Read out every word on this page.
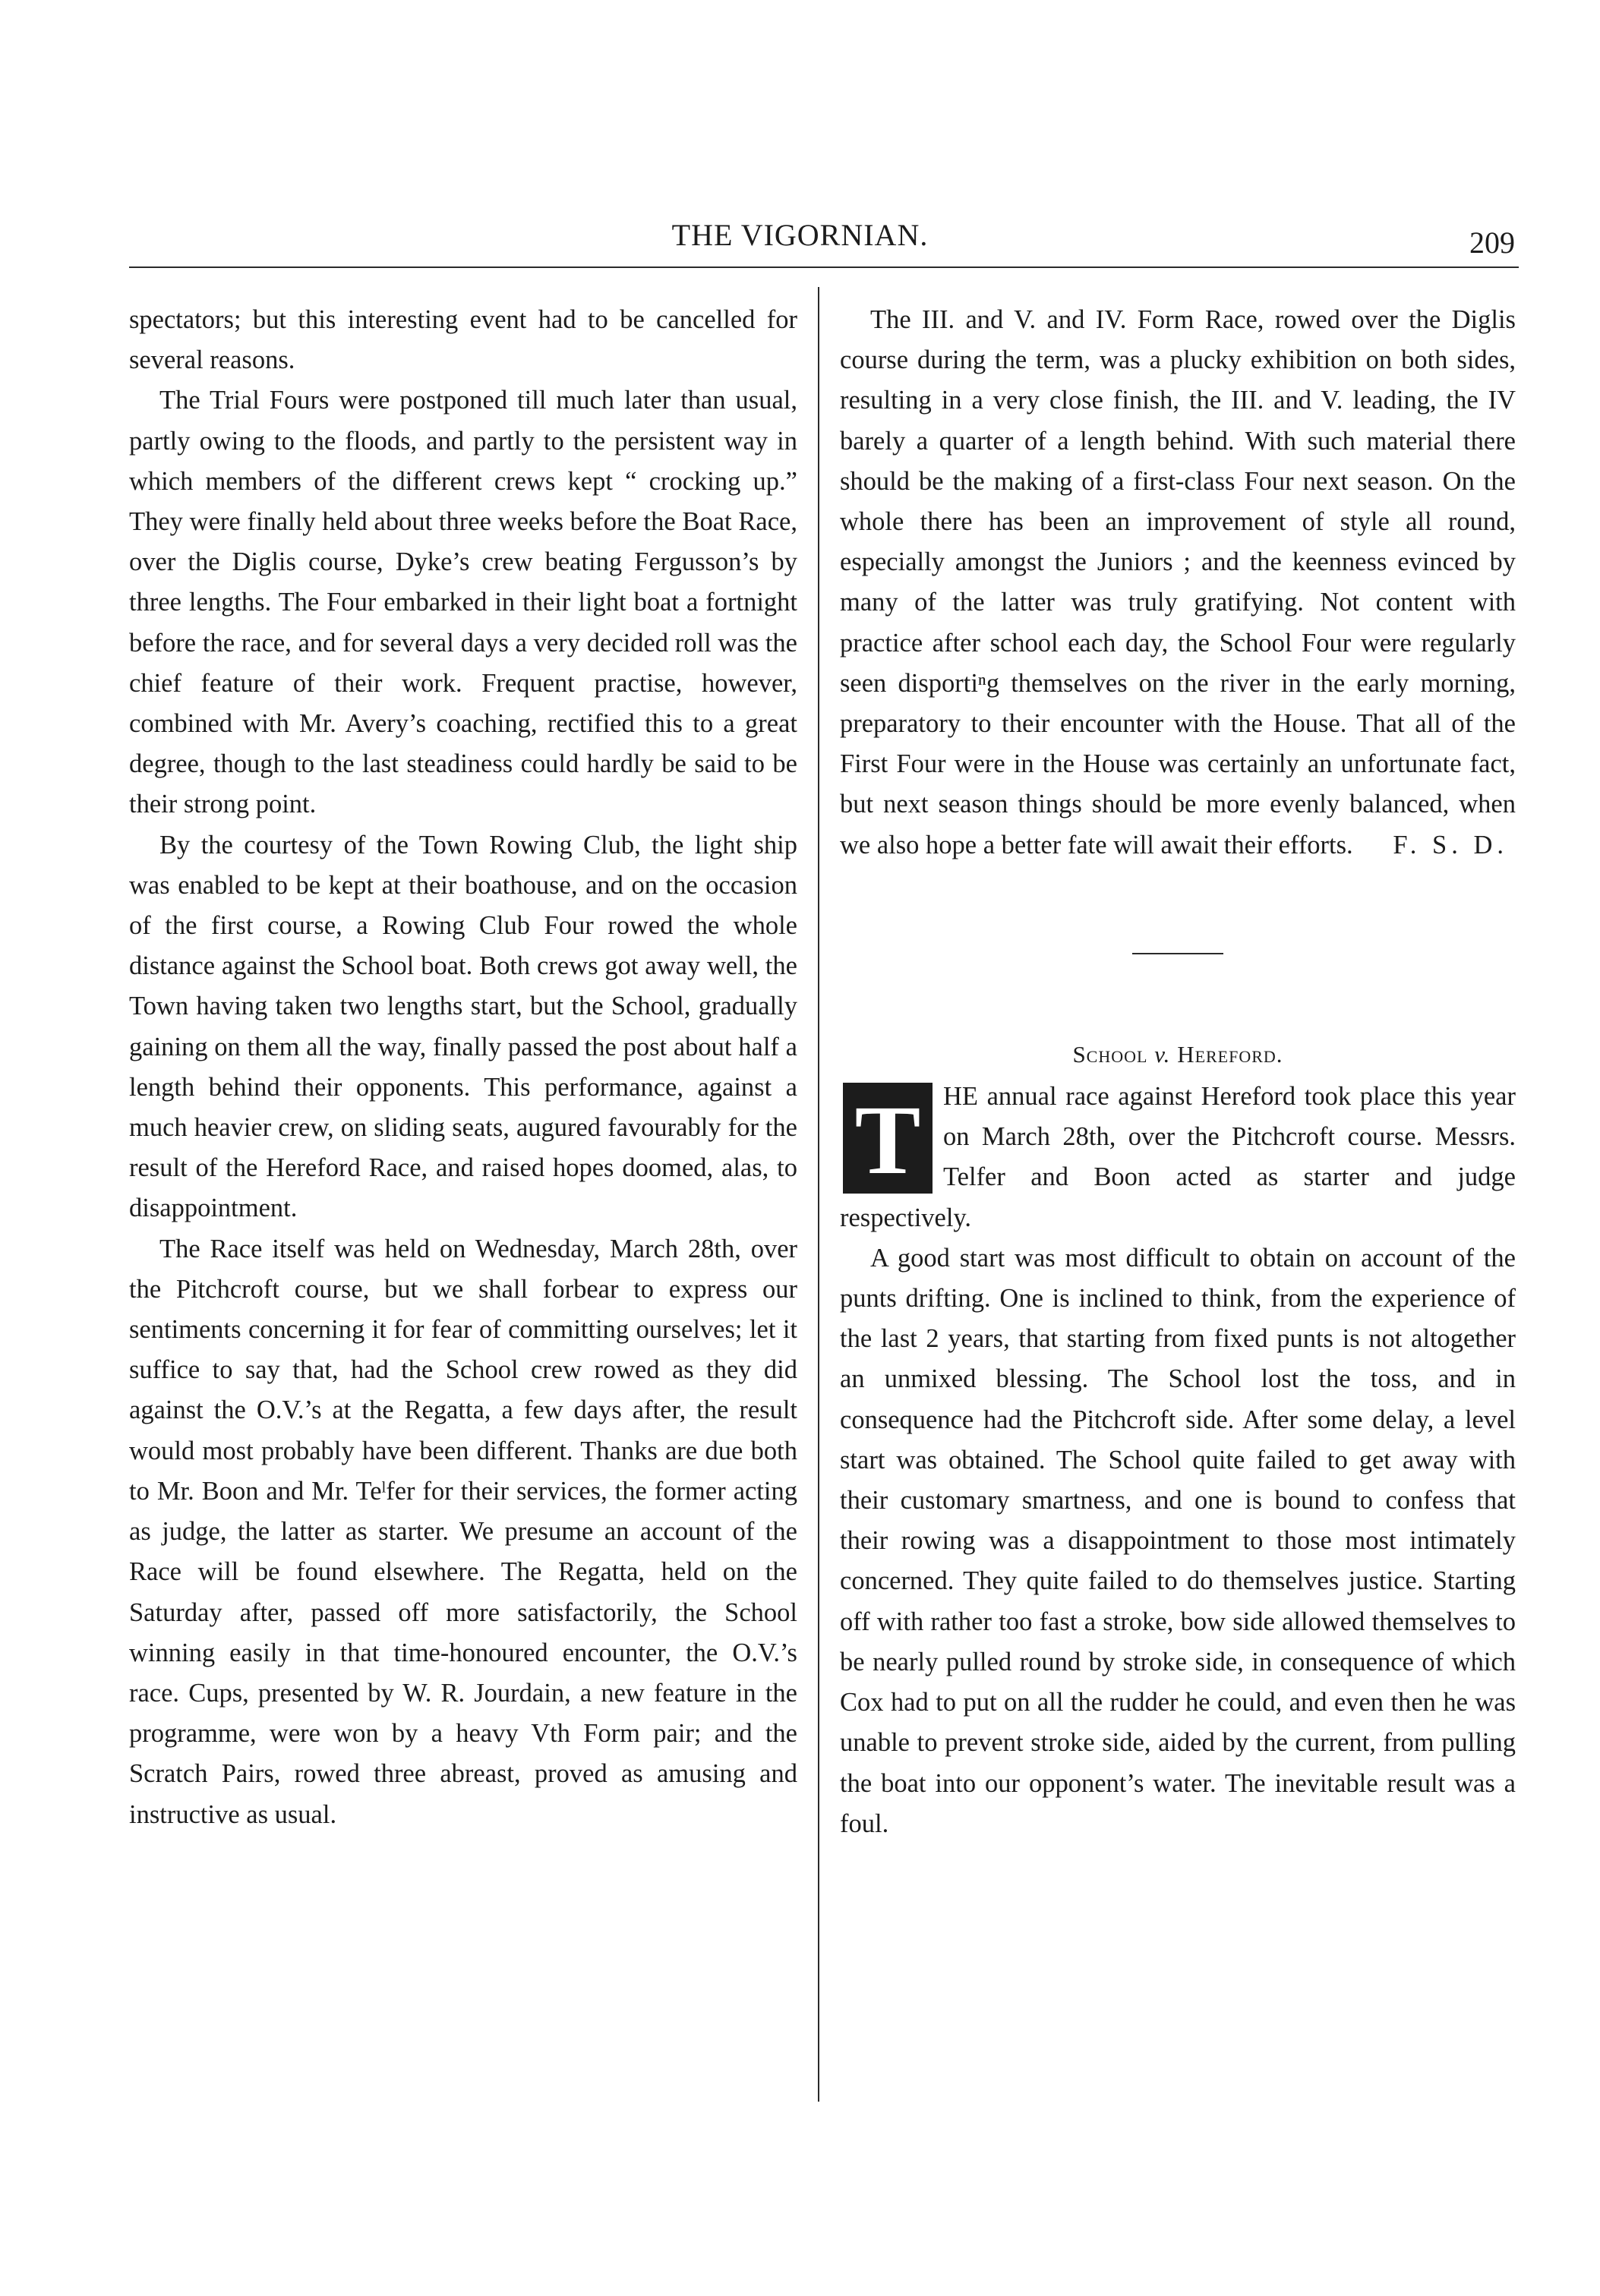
THE VIGORNIAN.	209

spectators; but this interesting event had to be cancelled for several reasons.

The Trial Fours were postponed till much later than usual, partly owing to the floods, and partly to the persistent way in which members of the different crews kept “ crocking up.” They were finally held about three weeks before the Boat Race, over the Diglis course, Dyke’s crew beating Fergusson’s by three lengths. The Four embarked in their light boat a fortnight before the race, and for several days a very decided roll was the chief feature of their work. Frequent practise, however, combined with Mr. Avery’s coaching, rectified this to a great degree, though to the last steadiness could hardly be said to be their strong point.

By the courtesy of the Town Rowing Club, the light ship was enabled to be kept at their boathouse, and on the occasion of the first course, a Rowing Club Four rowed the whole distance against the School boat. Both crews got away well, the Town having taken two lengths start, but the School, gradually gaining on them all the way, finally passed the post about half a length behind their opponents. This performance, against a much heavier crew, on sliding seats, augured favourably for the result of the Hereford Race, and raised hopes doomed, alas, to disappointment.

The Race itself was held on Wednesday, March 28th, over the Pitchcroft course, but we shall forbear to express our sentiments concerning it for fear of committing ourselves; let it suffice to say that, had the School crew rowed as they did against the O.V.’s at the Regatta, a few days after, the result would most probably have been different. Thanks are due both to Mr. Boon and Mr. Teˡfer for their services, the former acting as judge, the latter as starter. We presume an account of the Race will be found elsewhere. The Regatta, held on the Saturday after, passed off more satisfactorily, the School winning easily in that time-honoured encounter, the O.V.’s race. Cups, presented by W. R. Jourdain, a new feature in the programme, were won by a heavy Vth Form pair; and the Scratch Pairs, rowed three abreast, proved as amusing and instructive as usual.

The III. and V. and IV. Form Race, rowed over the Diglis course during the term, was a plucky exhibition on both sides, resulting in a very close finish, the III. and V. leading, the IV barely a quarter of a length behind. With such material there should be the making of a first-class Four next season. On the whole there has been an improvement of style all round, especially amongst the Juniors ; and the keenness evinced by many of the latter was truly gratifying. Not content with practice after school each day, the School Four were regularly seen disportiⁿg themselves on the river in the early morning, preparatory to their encounter with the House. That all of the First Four were in the House was certainly an unfortunate fact, but next season things should be more evenly balanced, when we also hope a better fate will await their efforts. F. S. D.

School v. Hereford.

T HE annual race against Hereford took place this year on March 28th, over the Pitchcroft course. Messrs. Telfer and Boon acted as starter and judge respectively.

A good start was most difficult to obtain on account of the punts drifting. One is inclined to think, from the experience of the last 2 years, that starting from fixed punts is not altogether an unmixed blessing. The School lost the toss, and in consequence had the Pitchcroft side. After some delay, a level start was obtained. The School quite failed to get away with their customary smartness, and one is bound to confess that their rowing was a disappointment to those most intimately concerned. They quite failed to do themselves justice. Starting off with rather too fast a stroke, bow side allowed themselves to be nearly pulled round by stroke side, in consequence of which Cox had to put on all the rudder he could, and even then he was unable to prevent stroke side, aided by the current, from pulling the boat into our opponent’s water. The inevitable result was a foul.
